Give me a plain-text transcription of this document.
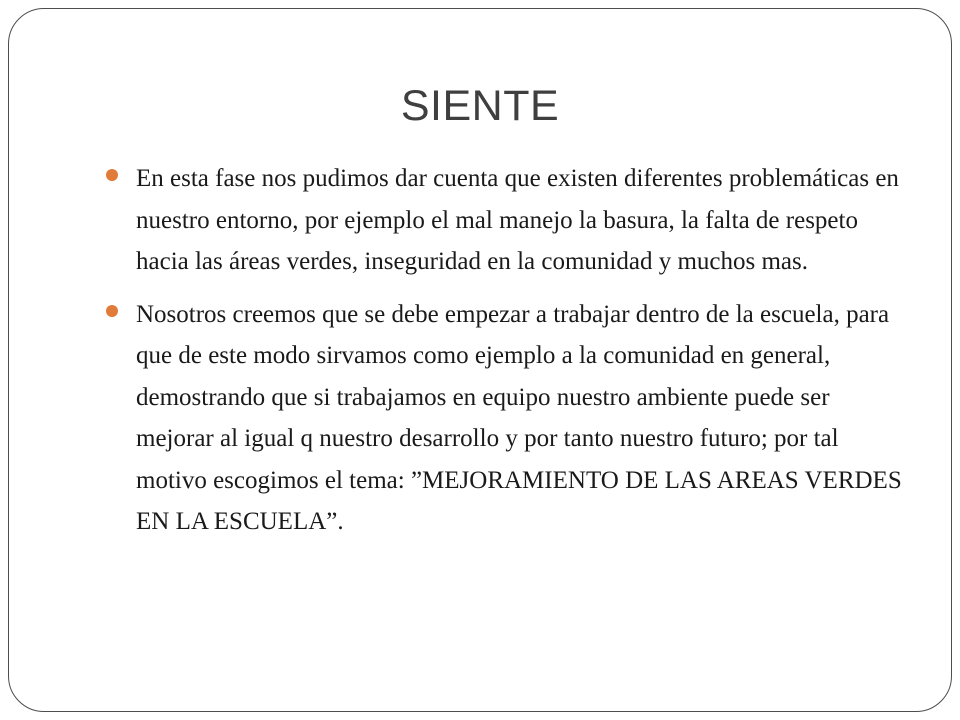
SIENTE
En esta fase nos pudimos dar cuenta que existen diferentes problemáticas en nuestro entorno, por ejemplo el mal manejo la basura, la falta de respeto hacia las áreas verdes, inseguridad en la comunidad y muchos mas.
Nosotros creemos que se debe empezar a trabajar dentro de la escuela, para que de este modo sirvamos como ejemplo a la comunidad en general, demostrando que si trabajamos en equipo nuestro ambiente puede ser mejorar al igual q nuestro desarrollo y por tanto nuestro futuro; por tal motivo escogimos el tema: ”MEJORAMIENTO DE LAS AREAS VERDES EN LA ESCUELA”.
